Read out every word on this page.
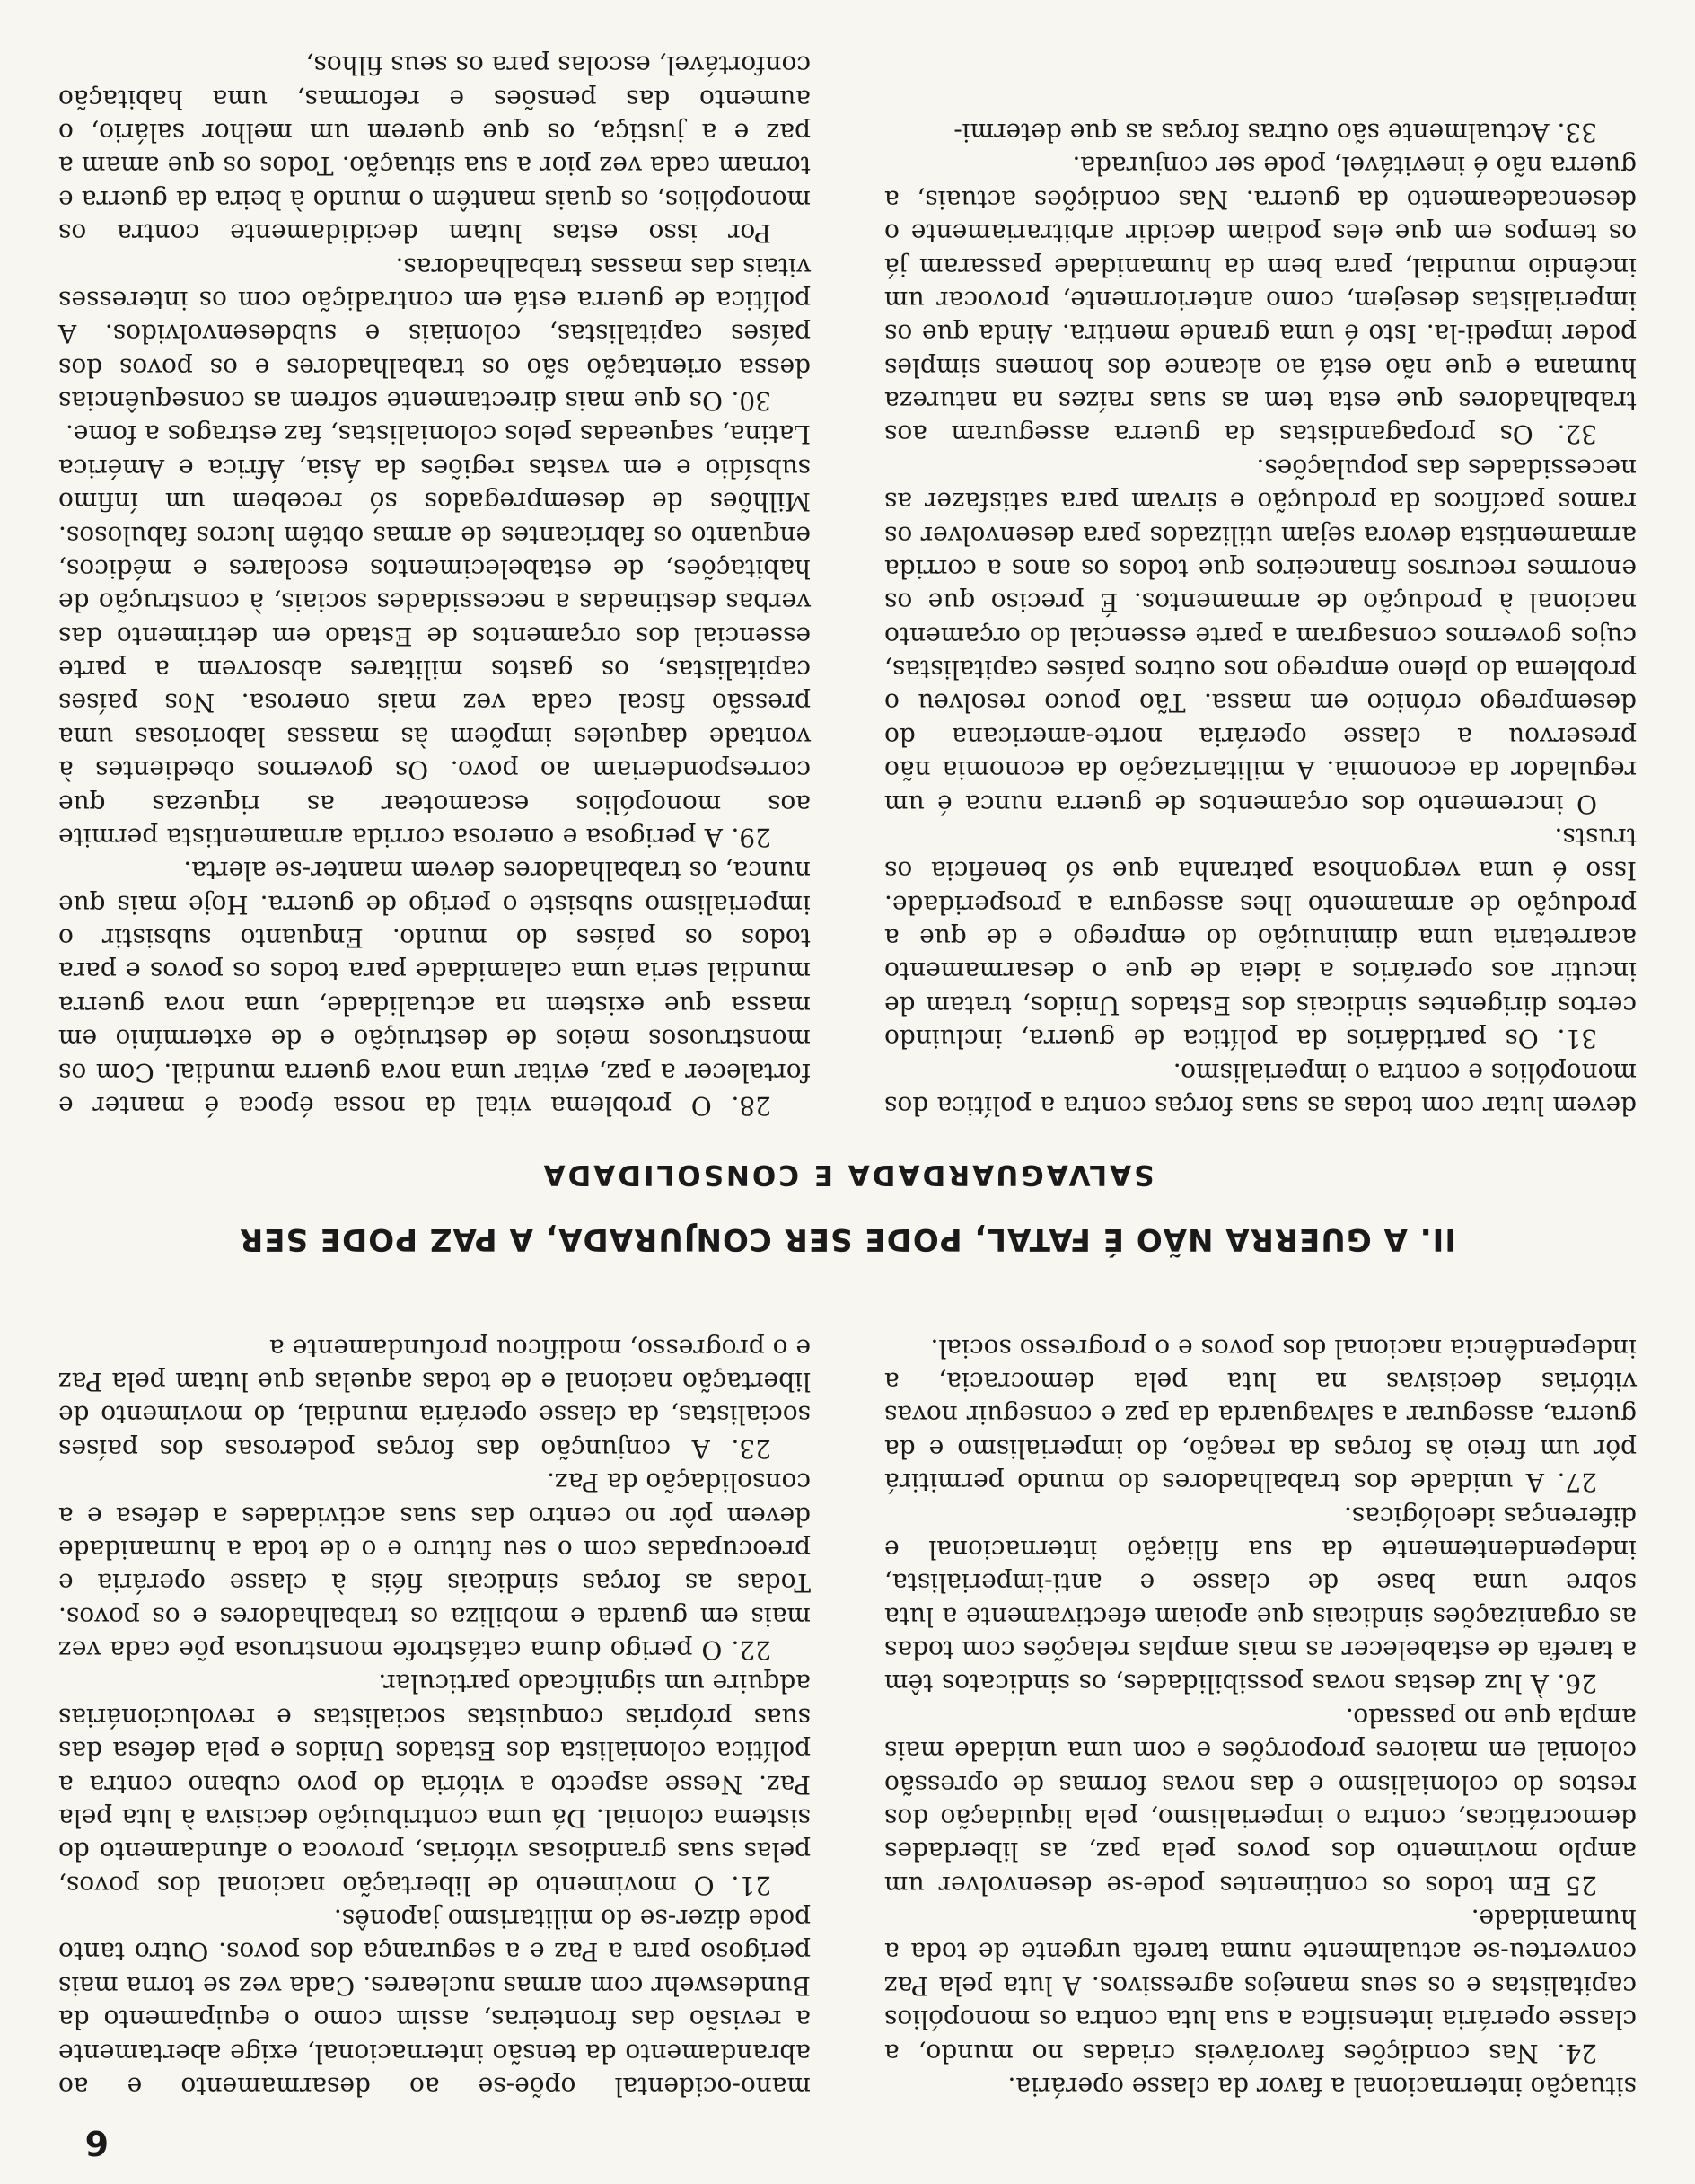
6

situação internacional a favor da classe operária.

24. Nas condições favoráveis criadas no mundo, a classe operária intensifica a sua luta contra os monopólios capitalistas e os seus manejos agressivos. A luta pela Paz converteu-se actualmente numa tarefa urgente de toda a humanidade.

25 Em todos os continentes pode-se desenvolver um amplo movimento dos povos pela paz, as liberdades democráticas, contra o imperialismo, pela liquidação dos restos do colonialismo e das novas formas de opressão colonial em maiores proporções e com uma unidade mais ampla que no passado.

26. À luz destas novas possibilidades, os sindicatos têm a tarefa de estabelecer as mais amplas relações com todas as organizações sindicais que apoiam efectivamente a luta sobre uma base de classe e anti-imperialista, independentemente da sua filiação internacional e diferenças ideológicas.

27. A unidade dos trabalhadores do mundo permitirá pôr um freio às forças da reação, do imperialismo e da guerra, assegurar a salvaguarda da paz e conseguir novas vitórias decisivas na luta pela democracia, a independência nacional dos povos e o progresso social.

mano-ocidental opõe-se ao desarmamento e ao abrandamento da tensão internacional, exige abertamente a revisão das fronteiras, assim como o equipamento da Bundeswehr com armas nucleares. Cada vez se torna mais perigoso para a Paz e a segurança dos povos. Outro tanto pode dizer-se do militarismo japonês.

21. O movimento de libertação nacional dos povos, pelas suas grandiosas vitórias, provoca o afundamento do sistema colonial. Dá uma contribuição decisiva à luta pela Paz. Nesse aspecto a vitória do povo cubano contra a política colonialista dos Estados Unidos e pela defesa das suas próprias conquistas socialistas e revolucionárias adquire um significado particular.

22. O perigo duma catástrofe monstruosa põe cada vez mais em guarda e mobiliza os trabalhadores e os povos. Todas as forças sindicais fiéis à classe operária e preocupadas com o seu futuro e o de toda a humanidade devem pôr no centro das suas actividades a defesa e a consolidação da Paz.

23. A conjunção das forças poderosas dos países socialistas, da classe operária mundial, do movimento de libertação nacional e de todas aquelas que lutam pela Paz e o progresso, modificou profundamente a

II. A GUERRA NÃO É FATAL, PODE SER CONJURADA, A PAZ PODE SER
SALVAGUARDADA E CONSOLIDADA

devem lutar com todas as suas forças contra a política dos monopólios e contra o imperialismo.

31. Os partidários da política de guerra, incluindo certos dirigentes sindicais dos Estados Unidos, tratam de incutir aos operários a ideia de que o desarmamento acarretaria uma diminuição do emprego e de que a produção de armamento lhes assegura a prosperidade. Isso é uma vergonhosa patranha que só beneficia os trusts.

O incremento dos orçamentos de guerra nunca é um regulador da economia. A militarização da economia não preservou a classe operária norte-americana do desemprego crónico em massa. Tão pouco resolveu o problema do pleno emprego nos outros países capitalistas, cujos governos consagram a parte essencial do orçamento nacional à produção de armamentos. É preciso que os enormes recursos financeiros que todos os anos a corrida armamentista devora sejam utilizados para desenvolver os ramos pacíficos da produção e sirvam para satisfazer as necessidades das populações.

32. Os propagandistas da guerra asseguram aos trabalhadores que esta tem as suas raízes na natureza humana e que não está ao alcance dos homens simples poder impedi-la. Isto é uma grande mentira. Ainda que os imperialistas desejem, como anteriormente, provocar um incêndio mundial, para bem da humanidade passaram já os tempos em que eles podiam decidir arbitrariamente o desencadeamento da guerra. Nas condições actuais, a guerra não é inevitável, pode ser conjurada.

33. Actualmente são outras forças as que determi-

28. O problema vital da nossa época é manter e fortalecer a paz, evitar uma nova guerra mundial. Com os monstruosos meios de destruição e de extermínio em massa que existem na actualidade, uma nova guerra mundial seria uma calamidade para todos os povos e para todos os países do mundo. Enquanto subsistir o imperialismo subsiste o perigo de guerra. Hoje mais que nunca, os trabalhadores devem manter-se alerta.

29. A perigosa e onerosa corrida armamentista permite aos monopólios escamotear as riquezas que corresponderiam ao povo. Os governos obedientes à vontade daqueles impõem às massas laboriosas uma pressão fiscal cada vez mais onerosa. Nos países capitalistas, os gastos militares absorvem a parte essencial dos orçamentos de Estado em detrimento das verbas destinadas a necessidades sociais, à construção de habitações, de estabelecimentos escolares e médicos, enquanto os fabricantes de armas obtêm lucros fabulosos. Milhões de desempregados só recebem um ínfimo subsídio e em vastas regiões da Ásia, África e América Latina, saqueadas pelos colonialistas, faz estragos a fome.

30. Os que mais directamente sofrem as consequências dessa orientação são os trabalhadores e os povos dos países capitalistas, coloniais e subdesenvolvidos. A política de guerra está em contradição com os interesses vitais das massas trabalhadoras.

Por isso estas lutam decididamente contra os monopólios, os quais mantêm o mundo à beira da guerra e tornam cada vez pior a sua situação. Todos os que amam a paz e a justiça, os que querem um melhor salário, o aumento das pensões e reformas, uma habitação confortável, escolas para os seus filhos,
